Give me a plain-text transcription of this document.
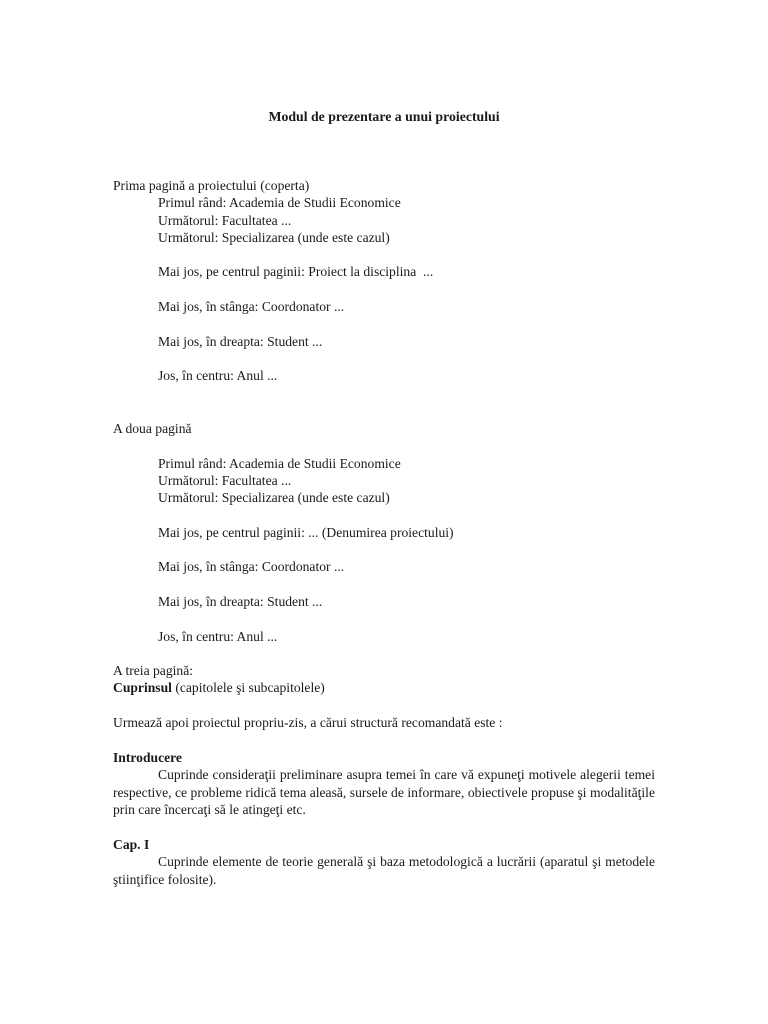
Modul de prezentare a unui proiectului
Prima pagină a proiectului (coperta)
Primul rând: Academia de Studii Economice
Următorul: Facultatea ...
Următorul: Specializarea (unde este cazul)
Mai jos, pe centrul paginii: Proiect la disciplina  ...
Mai jos, în stânga: Coordonator ...
Mai jos, în dreapta: Student ...
Jos, în centru: Anul ...
A doua pagină
Primul rând: Academia de Studii Economice
Următorul: Facultatea ...
Următorul: Specializarea (unde este cazul)
Mai jos, pe centrul paginii: ... (Denumirea proiectului)
Mai jos, în stânga: Coordonator ...
Mai jos, în dreapta: Student ...
Jos, în centru: Anul ...
A treia pagină:
Cuprinsul (capitolele şi subcapitolele)
Urmează apoi proiectul propriu-zis, a cărui structură recomandată este :
Introducere
Cuprinde consideraţii preliminare asupra temei în care vă expuneţi motivele alegerii temei respective, ce probleme ridică tema aleasă, sursele de informare, obiectivele propuse şi modalităţile prin care încercaţi să le atingeţi etc.
Cap. I
Cuprinde elemente de teorie generală şi baza metodologică a lucrării (aparatul şi metodele ştiinţifice folosite).
